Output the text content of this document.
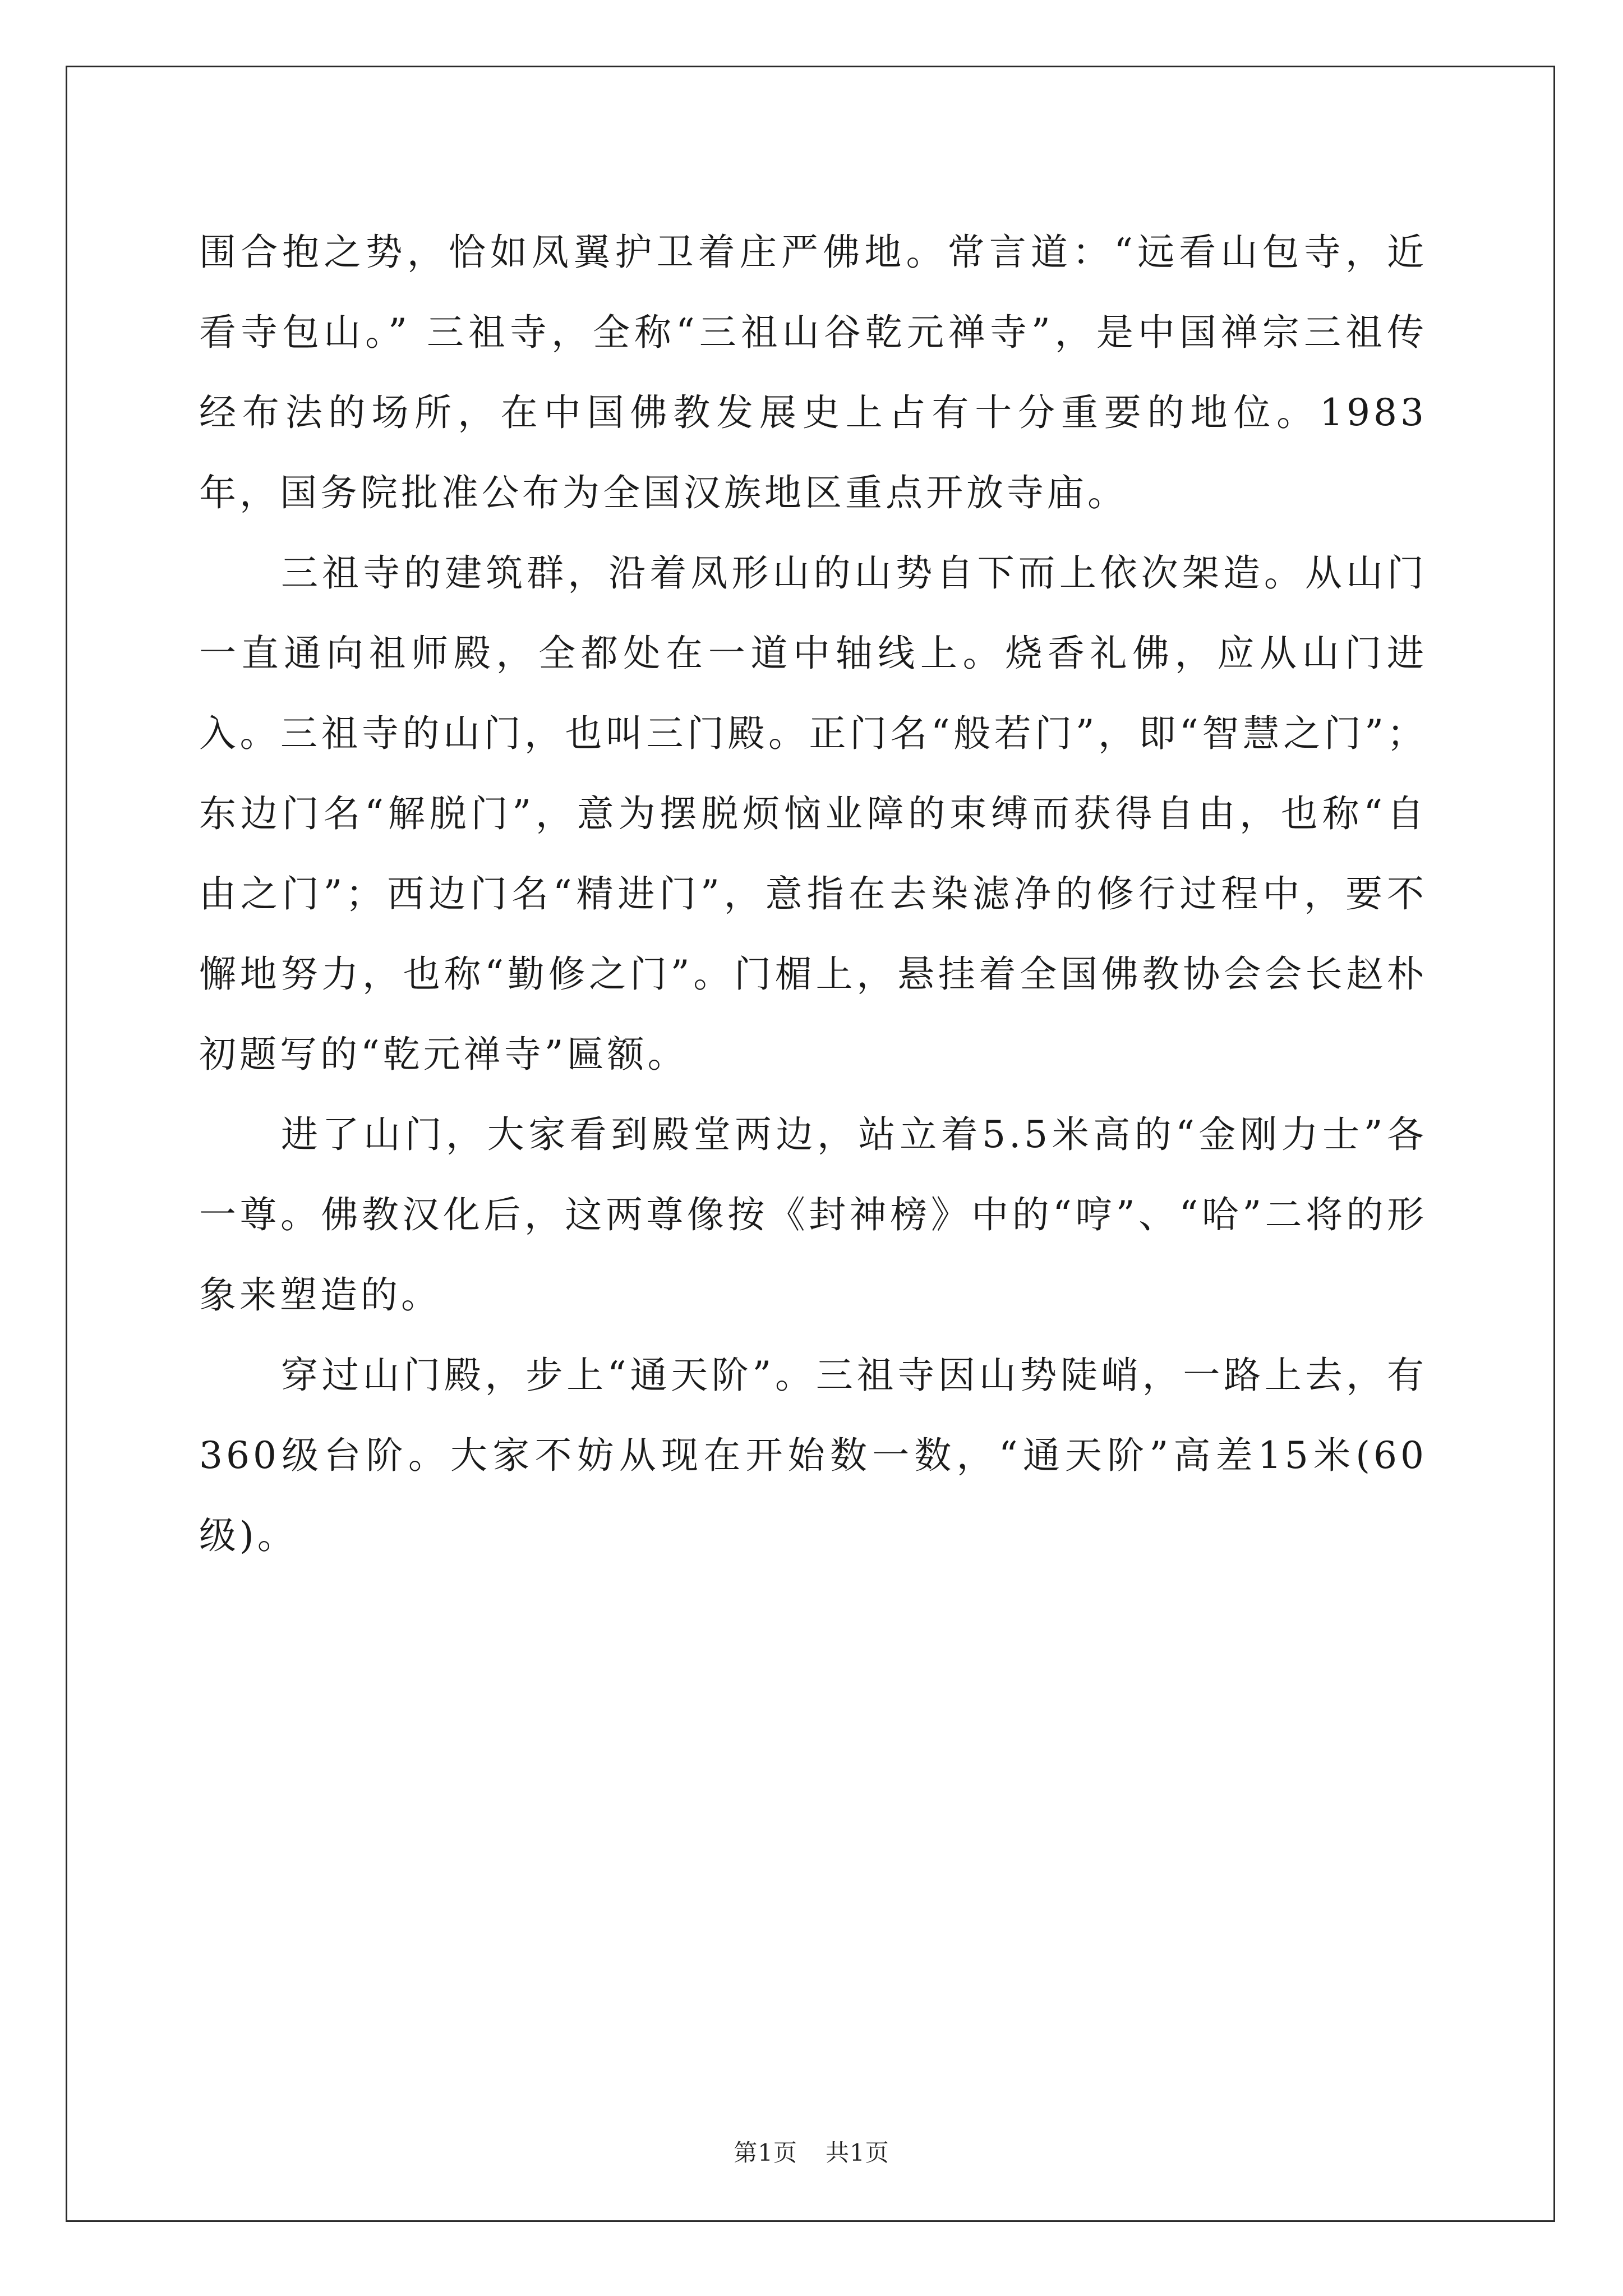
围合抱之势，恰如凤翼护卫着庄严佛地。常言道：“远看山包寺，近看寺包山。” 三祖寺，全称“三祖山谷乾元禅寺”，是中国禅宗三祖传经布法的场所，在中国佛教发展史上占有十分重要的地位。1983年，国务院批准公布为全国汉族地区重点开放寺庙。

三祖寺的建筑群，沿着凤形山的山势自下而上依次架造。从山门一直通向祖师殿，全都处在一道中轴线上。烧香礼佛，应从山门进入。三祖寺的山门，也叫三门殿。正门名“般若门”，即“智慧之门”；东边门名“解脱门”，意为摆脱烦恼业障的束缚而获得自由，也称“自由之门”；西边门名“精进门”，意指在去染滤净的修行过程中，要不懈地努力，也称“勤修之门”。门楣上，悬挂着全国佛教协会会长赵朴初题写的“乾元禅寺”匾额。

进了山门，大家看到殿堂两边，站立着5.5米高的“金刚力士”各一尊。佛教汉化后，这两尊像按《封神榜》中的“哼”、“哈”二将的形象来塑造的。

穿过山门殿，步上“通天阶”。三祖寺因山势陡峭，一路上去，有360级台阶。大家不妨从现在开始数一数，“通天阶”高差15米(60级)。

第1页 共1页
